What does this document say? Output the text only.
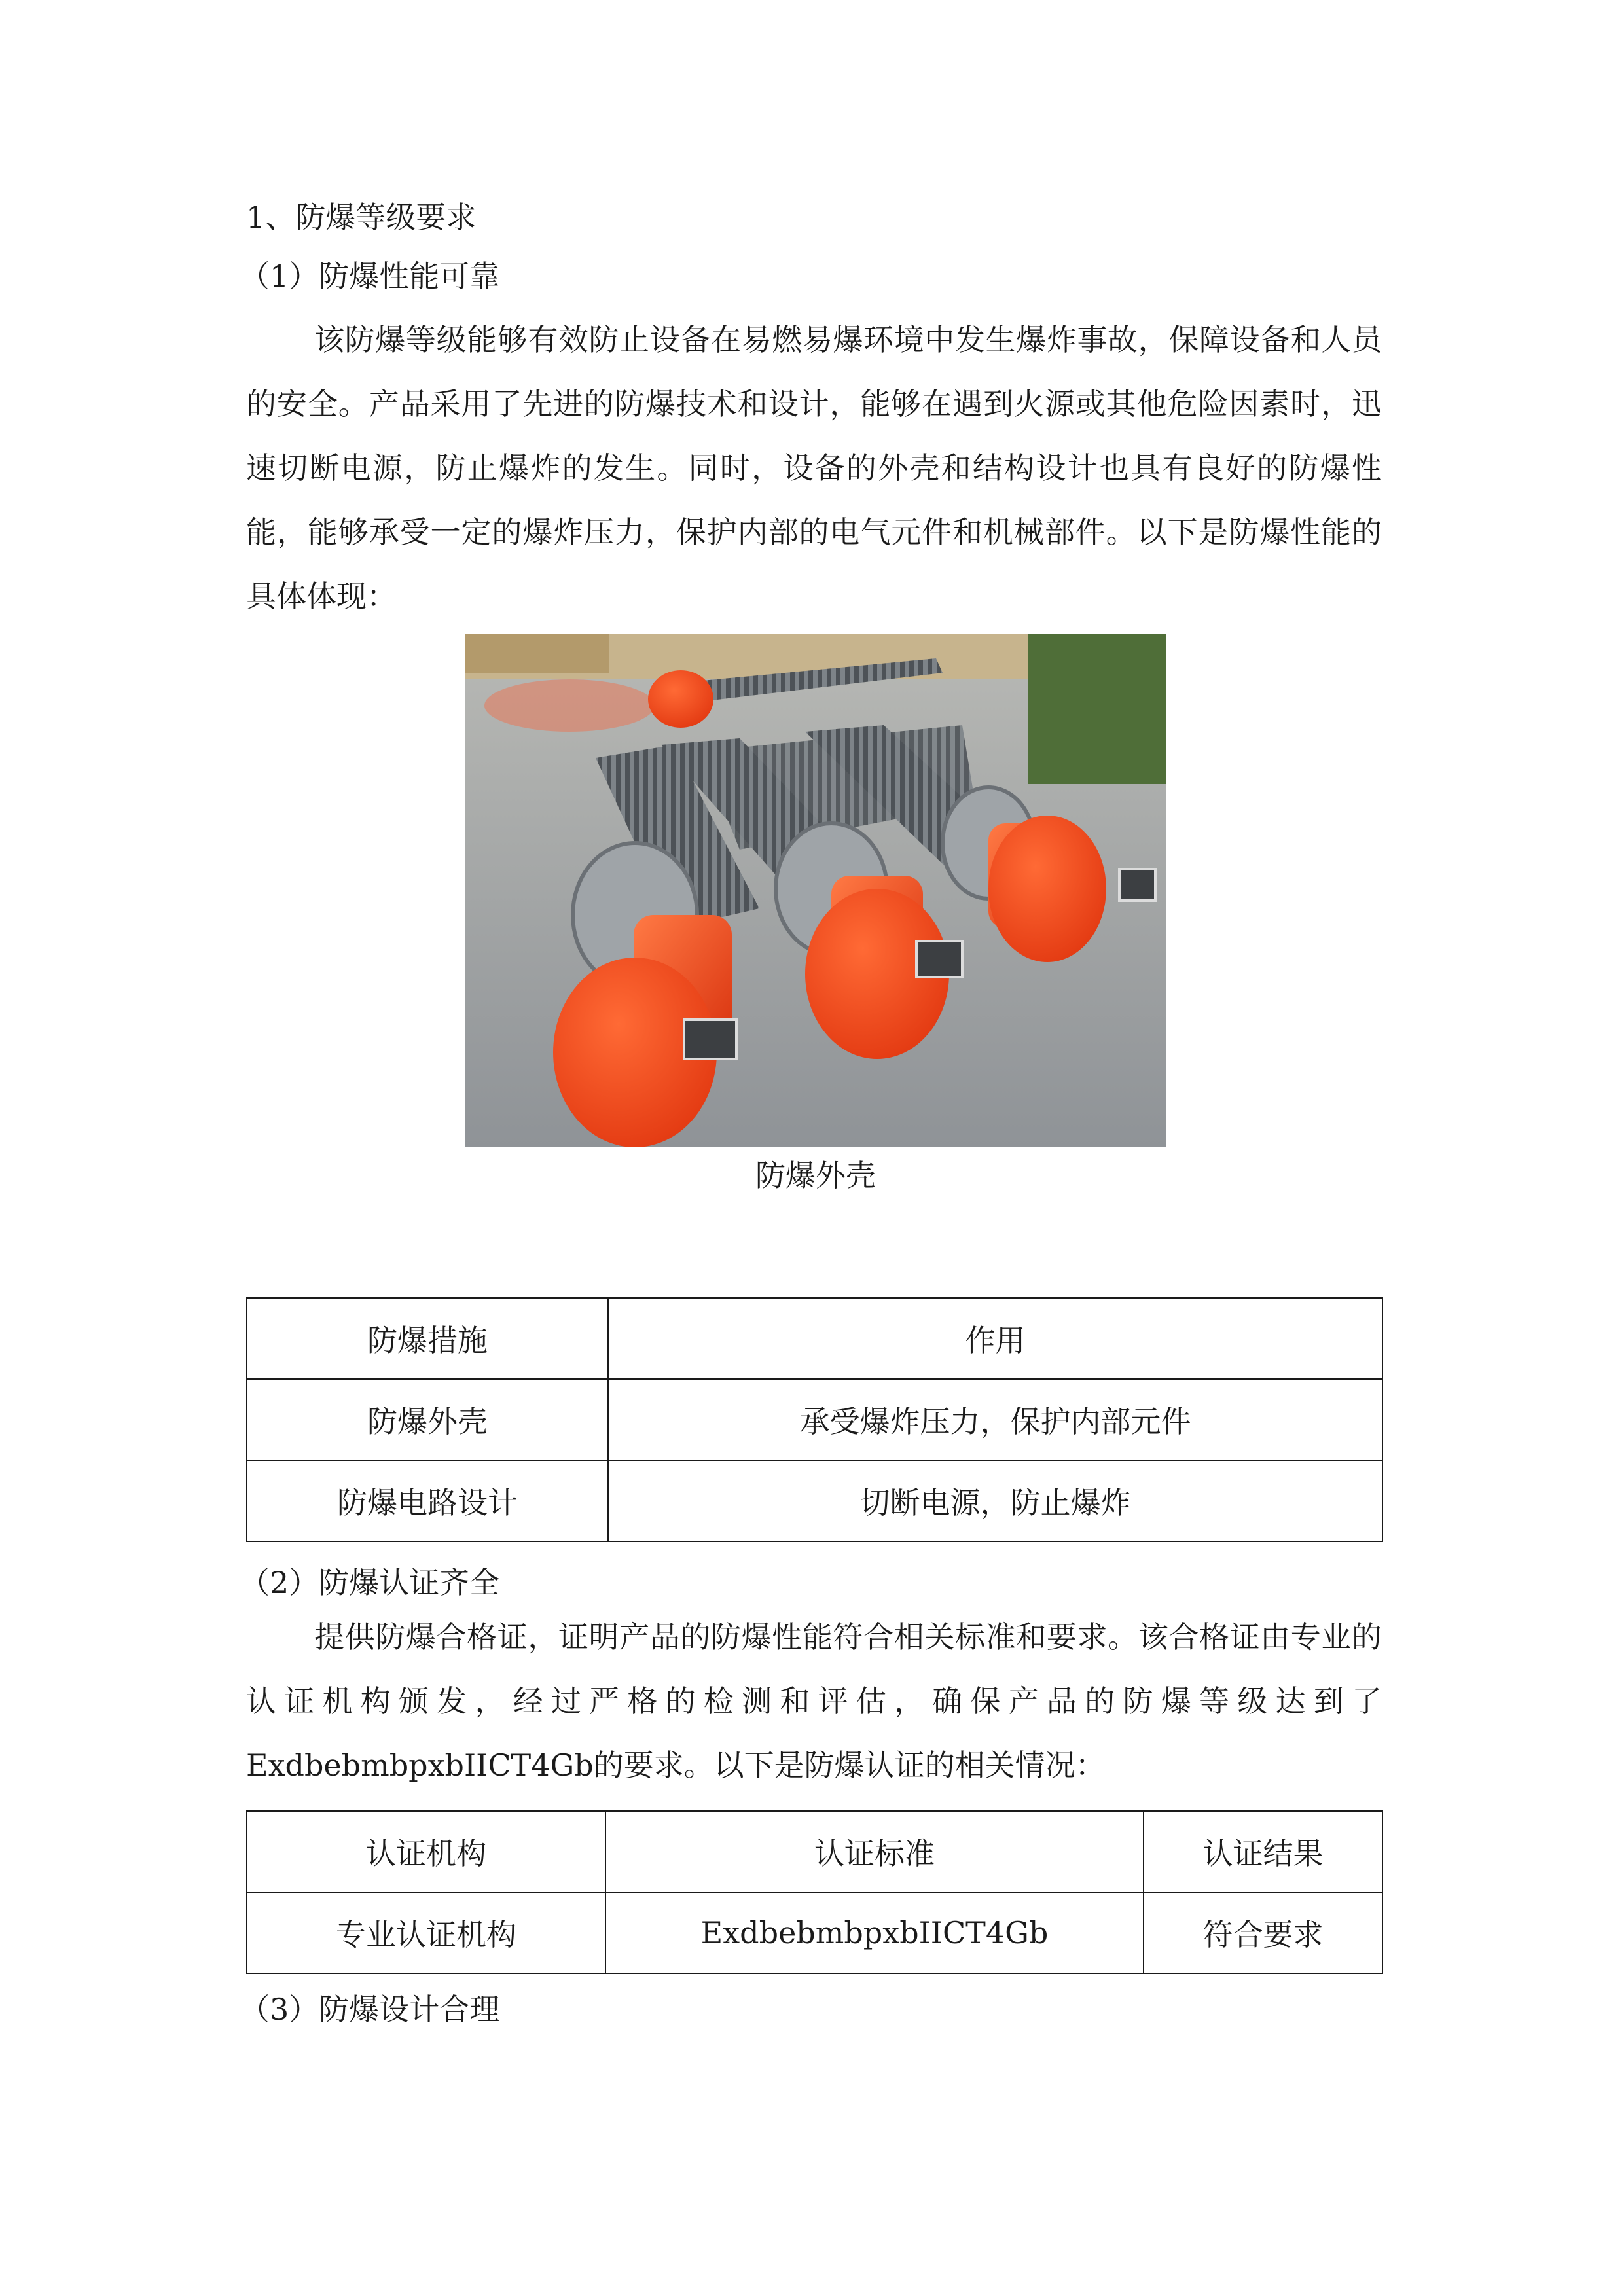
1、防爆等级要求
（1）防爆性能可靠
该防爆等级能够有效防止设备在易燃易爆环境中发生爆炸事故，保障设备和人员的安全。产品采用了先进的防爆技术和设计，能够在遇到火源或其他危险因素时，迅速切断电源，防止爆炸的发生。同时，设备的外壳和结构设计也具有良好的防爆性能，能够承受一定的爆炸压力，保护内部的电气元件和机械部件。以下是防爆性能的具体体现：
防爆外壳
防爆措施	作用
防爆外壳	承受爆炸压力，保护内部元件
防爆电路设计	切断电源，防止爆炸
（2）防爆认证齐全
提供防爆合格证，证明产品的防爆性能符合相关标准和要求。该合格证由专业的认证机构颁发，经过严格的检测和评估，确保产品的防爆等级达到了ExdbebmbpxbIICT4Gb的要求。以下是防爆认证的相关情况：
认证机构	认证标准	认证结果
专业认证机构	ExdbebmbpxbIICT4Gb	符合要求
（3）防爆设计合理
